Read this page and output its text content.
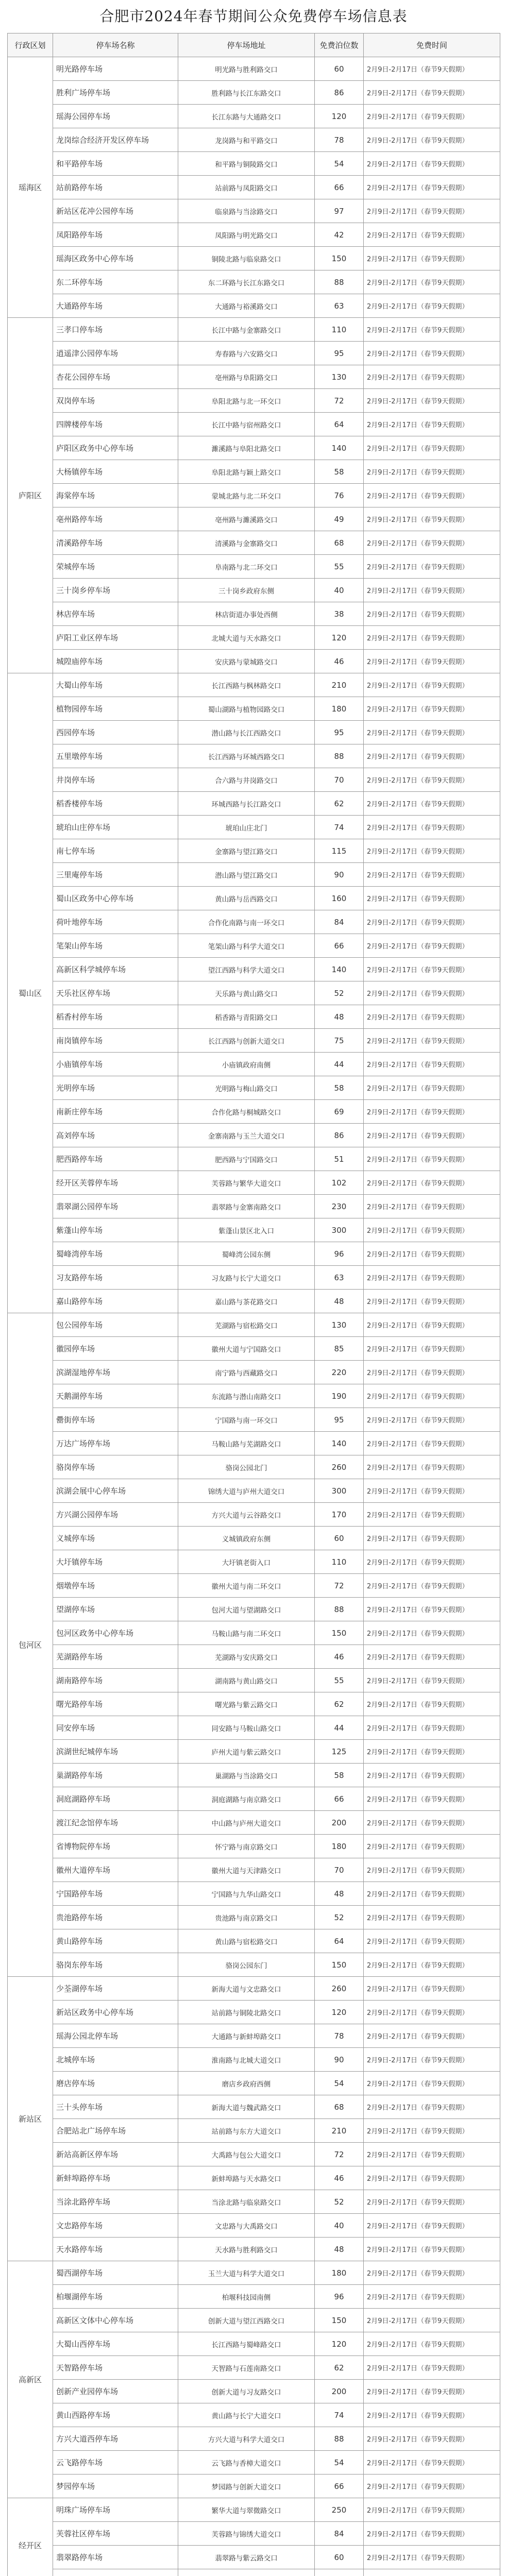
合肥市2024年春节期间公众免费停车场信息表
行政区划	停车场名称	停车场地址	免费泊位数	免费时间
瑶海区	明光路停车场	明光路与胜利路交口	60	2月9日-2月17日（春节9天假期）
	胜利广场停车场	胜利路与长江东路交口	86	2月9日-2月17日（春节9天假期）
	瑶海公园停车场	长江东路与大通路交口	120	2月9日-2月17日（春节9天假期）
	龙岗综合经济开发区停车场	龙岗路与和平路交口	78	2月9日-2月17日（春节9天假期）
	和平路停车场	和平路与铜陵路交口	54	2月9日-2月17日（春节9天假期）
	站前路停车场	站前路与凤阳路交口	66	2月9日-2月17日（春节9天假期）
	新站区花冲公园停车场	临泉路与当涂路交口	97	2月9日-2月17日（春节9天假期）
	凤阳路停车场	凤阳路与明光路交口	42	2月9日-2月17日（春节9天假期）
	瑶海区政务中心停车场	铜陵北路与临泉路交口	150	2月9日-2月17日（春节9天假期）
	东二环停车场	东二环路与长江东路交口	88	2月9日-2月17日（春节9天假期）
	大通路停车场	大通路与裕溪路交口	63	2月9日-2月17日（春节9天假期）
庐阳区	三孝口停车场	长江中路与金寨路交口	110	2月9日-2月17日（春节9天假期）
	逍遥津公园停车场	寿春路与六安路交口	95	2月9日-2月17日（春节9天假期）
	杏花公园停车场	亳州路与阜阳路交口	130	2月9日-2月17日（春节9天假期）
	双岗停车场	阜阳北路与北一环交口	72	2月9日-2月17日（春节9天假期）
	四牌楼停车场	长江中路与宿州路交口	64	2月9日-2月17日（春节9天假期）
	庐阳区政务中心停车场	濉溪路与阜阳北路交口	140	2月9日-2月17日（春节9天假期）
	大杨镇停车场	阜阳北路与颖上路交口	58	2月9日-2月17日（春节9天假期）
	海棠停车场	蒙城北路与北二环交口	76	2月9日-2月17日（春节9天假期）
	亳州路停车场	亳州路与濉溪路交口	49	2月9日-2月17日（春节9天假期）
	清溪路停车场	清溪路与金寨路交口	68	2月9日-2月17日（春节9天假期）
	荣城停车场	阜南路与北二环交口	55	2月9日-2月17日（春节9天假期）
	三十岗乡停车场	三十岗乡政府东侧	40	2月9日-2月17日（春节9天假期）
	林店停车场	林店街道办事处西侧	38	2月9日-2月17日（春节9天假期）
	庐阳工业区停车场	北城大道与天水路交口	120	2月9日-2月17日（春节9天假期）
	城隍庙停车场	安庆路与蒙城路交口	46	2月9日-2月17日（春节9天假期）
蜀山区	大蜀山停车场	长江西路与枫林路交口	210	2月9日-2月17日（春节9天假期）
	植物园停车场	蜀山湖路与植物园路交口	180	2月9日-2月17日（春节9天假期）
	西园停车场	潜山路与长江西路交口	95	2月9日-2月17日（春节9天假期）
	五里墩停车场	长江西路与环城西路交口	88	2月9日-2月17日（春节9天假期）
	井岗停车场	合六路与井岗路交口	70	2月9日-2月17日（春节9天假期）
	稻香楼停车场	环城西路与长江路交口	62	2月9日-2月17日（春节9天假期）
	琥珀山庄停车场	琥珀山庄北门	74	2月9日-2月17日（春节9天假期）
	南七停车场	金寨路与望江路交口	115	2月9日-2月17日（春节9天假期）
	三里庵停车场	潜山路与望江路交口	90	2月9日-2月17日（春节9天假期）
	蜀山区政务中心停车场	黄山路与岳西路交口	160	2月9日-2月17日（春节9天假期）
	荷叶地停车场	合作化南路与南一环交口	84	2月9日-2月17日（春节9天假期）
	笔架山停车场	笔架山路与科学大道交口	66	2月9日-2月17日（春节9天假期）
	高新区科学城停车场	望江西路与科学大道交口	140	2月9日-2月17日（春节9天假期）
	天乐社区停车场	天乐路与黄山路交口	52	2月9日-2月17日（春节9天假期）
	稻香村停车场	稻香路与青阳路交口	48	2月9日-2月17日（春节9天假期）
	南岗镇停车场	长江西路与创新大道交口	75	2月9日-2月17日（春节9天假期）
	小庙镇停车场	小庙镇政府南侧	44	2月9日-2月17日（春节9天假期）
	光明停车场	光明路与梅山路交口	58	2月9日-2月17日（春节9天假期）
	南新庄停车场	合作化路与桐城路交口	69	2月9日-2月17日（春节9天假期）
	高刘停车场	金寨南路与玉兰大道交口	86	2月9日-2月17日（春节9天假期）
	肥西路停车场	肥西路与宁国路交口	51	2月9日-2月17日（春节9天假期）
	经开区芙蓉停车场	芙蓉路与繁华大道交口	102	2月9日-2月17日（春节9天假期）
	翡翠湖公园停车场	翡翠路与金寨南路交口	230	2月9日-2月17日（春节9天假期）
	紫蓬山停车场	紫蓬山景区北入口	300	2月9日-2月17日（春节9天假期）
	蜀峰湾停车场	蜀峰湾公园东侧	96	2月9日-2月17日（春节9天假期）
	习友路停车场	习友路与长宁大道交口	63	2月9日-2月17日（春节9天假期）
	嘉山路停车场	嘉山路与茶花路交口	48	2月9日-2月17日（春节9天假期）
包河区	包公园停车场	芜湖路与宿松路交口	130	2月9日-2月17日（春节9天假期）
	徽园停车场	徽州大道与宁国路交口	85	2月9日-2月17日（春节9天假期）
	滨湖湿地停车场	南宁路与西藏路交口	220	2月9日-2月17日（春节9天假期）
	天鹅湖停车场	东流路与潜山南路交口	190	2月9日-2月17日（春节9天假期）
	罍街停车场	宁国路与南一环交口	95	2月9日-2月17日（春节9天假期）
	万达广场停车场	马鞍山路与芜湖路交口	140	2月9日-2月17日（春节9天假期）
	骆岗停车场	骆岗公园北门	260	2月9日-2月17日（春节9天假期）
	滨湖会展中心停车场	锦绣大道与庐州大道交口	300	2月9日-2月17日（春节9天假期）
	方兴湖公园停车场	方兴大道与云谷路交口	170	2月9日-2月17日（春节9天假期）
	义城停车场	义城镇政府东侧	60	2月9日-2月17日（春节9天假期）
	大圩镇停车场	大圩镇老街入口	110	2月9日-2月17日（春节9天假期）
	烟墩停车场	徽州大道与南二环交口	72	2月9日-2月17日（春节9天假期）
	望湖停车场	包河大道与望湖路交口	88	2月9日-2月17日（春节9天假期）
	包河区政务中心停车场	马鞍山路与南二环交口	150	2月9日-2月17日（春节9天假期）
	芜湖路停车场	芜湖路与安庆路交口	46	2月9日-2月17日（春节9天假期）
	湖南路停车场	湖南路与黄山路交口	55	2月9日-2月17日（春节9天假期）
	曙光路停车场	曙光路与紫云路交口	62	2月9日-2月17日（春节9天假期）
	同安停车场	同安路与马鞍山路交口	44	2月9日-2月17日（春节9天假期）
	滨湖世纪城停车场	庐州大道与紫云路交口	125	2月9日-2月17日（春节9天假期）
	巢湖路停车场	巢湖路与当涂路交口	58	2月9日-2月17日（春节9天假期）
	洞庭湖路停车场	洞庭湖路与南京路交口	66	2月9日-2月17日（春节9天假期）
	渡江纪念馆停车场	中山路与庐州大道交口	200	2月9日-2月17日（春节9天假期）
	省博物院停车场	怀宁路与南京路交口	180	2月9日-2月17日（春节9天假期）
	徽州大道停车场	徽州大道与天津路交口	70	2月9日-2月17日（春节9天假期）
	宁国路停车场	宁国路与九华山路交口	48	2月9日-2月17日（春节9天假期）
	贵池路停车场	贵池路与南京路交口	52	2月9日-2月17日（春节9天假期）
	黄山路停车场	黄山路与宿松路交口	64	2月9日-2月17日（春节9天假期）
	骆岗东停车场	骆岗公园东门	150	2月9日-2月17日（春节9天假期）
新站区	少荃湖停车场	新海大道与文忠路交口	260	2月9日-2月17日（春节9天假期）
	新站区政务中心停车场	站前路与铜陵北路交口	120	2月9日-2月17日（春节9天假期）
	瑶海公园北停车场	大通路与新蚌埠路交口	78	2月9日-2月17日（春节9天假期）
	北城停车场	淮南路与北城大道交口	90	2月9日-2月17日（春节9天假期）
	磨店停车场	磨店乡政府西侧	54	2月9日-2月17日（春节9天假期）
	三十头停车场	新海大道与魏武路交口	68	2月9日-2月17日（春节9天假期）
	合肥站北广场停车场	站前路与东方大道交口	210	2月9日-2月17日（春节9天假期）
	新站高新区停车场	大禹路与包公大道交口	72	2月9日-2月17日（春节9天假期）
	新蚌埠路停车场	新蚌埠路与天水路交口	46	2月9日-2月17日（春节9天假期）
	当涂北路停车场	当涂北路与临泉路交口	52	2月9日-2月17日（春节9天假期）
	文忠路停车场	文忠路与大禹路交口	40	2月9日-2月17日（春节9天假期）
	天水路停车场	天水路与胜利路交口	48	2月9日-2月17日（春节9天假期）
高新区	蜀西湖停车场	玉兰大道与科学大道交口	180	2月9日-2月17日（春节9天假期）
	柏堰湖停车场	柏堰科技园南侧	96	2月9日-2月17日（春节9天假期）
	高新区文体中心停车场	创新大道与望江西路交口	150	2月9日-2月17日（春节9天假期）
	大蜀山西停车场	长江西路与蜀峰路交口	120	2月9日-2月17日（春节9天假期）
	天智路停车场	天智路与石莲南路交口	62	2月9日-2月17日（春节9天假期）
	创新产业园停车场	创新大道与习友路交口	200	2月9日-2月17日（春节9天假期）
	黄山西路停车场	黄山路与长宁大道交口	74	2月9日-2月17日（春节9天假期）
	方兴大道西停车场	方兴大道与科学大道交口	88	2月9日-2月17日（春节9天假期）
	云飞路停车场	云飞路与香樟大道交口	54	2月9日-2月17日（春节9天假期）
	梦园停车场	梦园路与创新大道交口	66	2月9日-2月17日（春节9天假期）
经开区	明珠广场停车场	繁华大道与翠微路交口	250	2月9日-2月17日（春节9天假期）
	芙蓉社区停车场	芙蓉路与锦绣大道交口	84	2月9日-2月17日（春节9天假期）
	翡翠路停车场	翡翠路与紫云路交口	60	2月9日-2月17日（春节9天假期）
